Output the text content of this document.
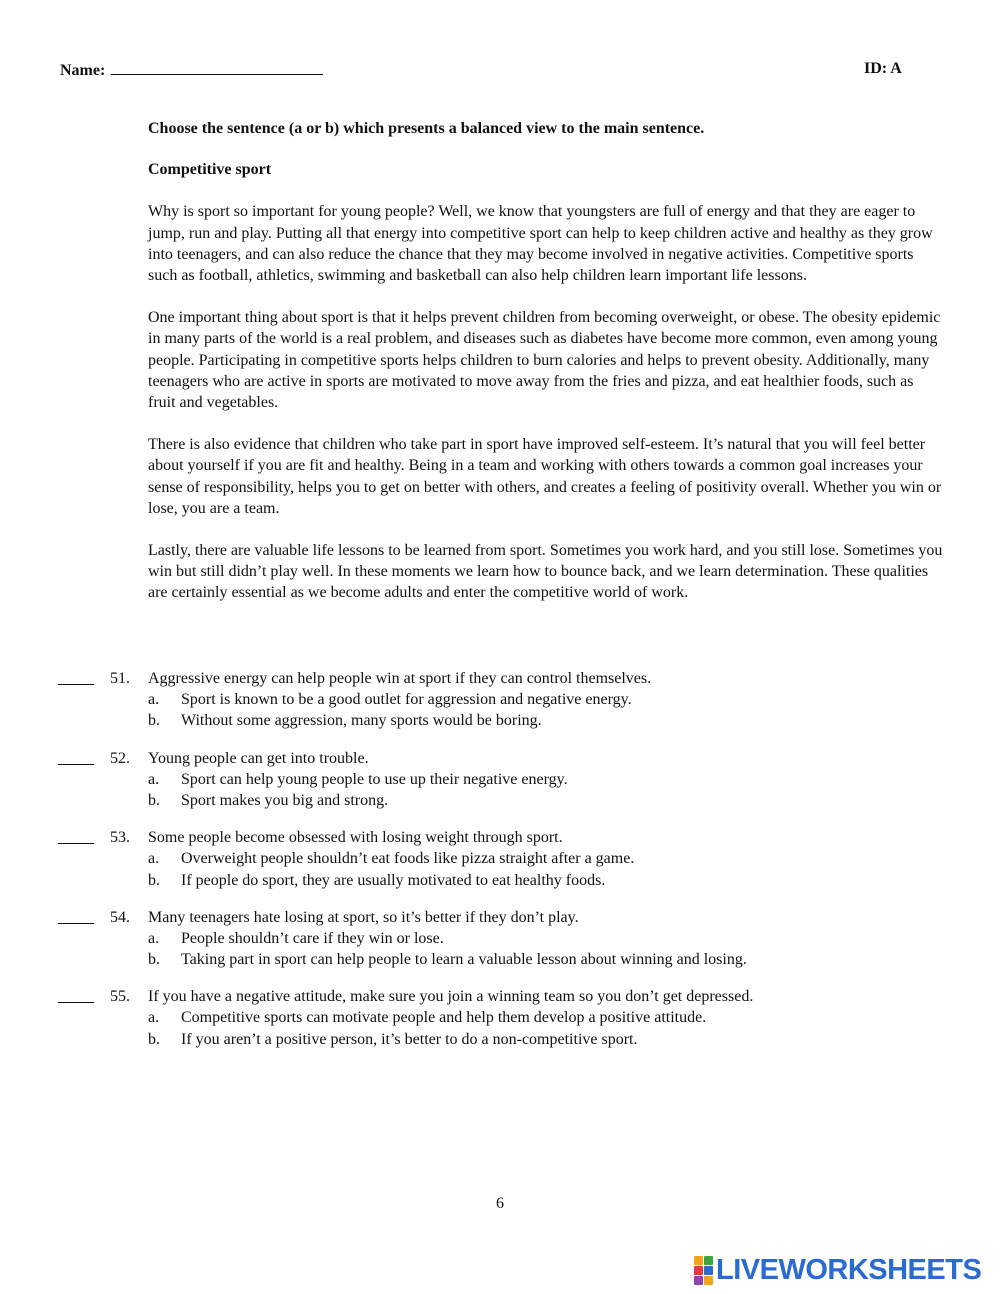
Name:	ID: A

Choose the sentence (a or b) which presents a balanced view to the main sentence.

Competitive sport

Why is sport so important for young people? Well, we know that youngsters are full of energy and that they are eager to jump, run and play. Putting all that energy into competitive sport can help to keep children active and healthy as they grow into teenagers, and can also reduce the chance that they may become involved in negative activities. Competitive sports such as football, athletics, swimming and basketball can also help children learn important life lessons.

One important thing about sport is that it helps prevent children from becoming overweight, or obese. The obesity epidemic in many parts of the world is a real problem, and diseases such as diabetes have become more common, even among young people. Participating in competitive sports helps children to burn calories and helps to prevent obesity. Additionally, many teenagers who are active in sports are motivated to move away from the fries and pizza, and eat healthier foods, such as fruit and vegetables.

There is also evidence that children who take part in sport have improved self-esteem. It’s natural that you will feel better about yourself if you are fit and healthy. Being in a team and working with others towards a common goal increases your sense of responsibility, helps you to get on better with others, and creates a feeling of positivity overall. Whether you win or lose, you are a team.

Lastly, there are valuable life lessons to be learned from sport. Sometimes you work hard, and you still lose. Sometimes you win but still didn’t play well. In these moments we learn how to bounce back, and we learn determination. These qualities are certainly essential as we become adults and enter the competitive world of work.

51. Aggressive energy can help people win at sport if they can control themselves.
a. Sport is known to be a good outlet for aggression and negative energy.
b. Without some aggression, many sports would be boring.
52. Young people can get into trouble.
a. Sport can help young people to use up their negative energy.
b. Sport makes you big and strong.
53. Some people become obsessed with losing weight through sport.
a. Overweight people shouldn’t eat foods like pizza straight after a game.
b. If people do sport, they are usually motivated to eat healthy foods.
54. Many teenagers hate losing at sport, so it’s better if they don’t play.
a. People shouldn’t care if they win or lose.
b. Taking part in sport can help people to learn a valuable lesson about winning and losing.
55. If you have a negative attitude, make sure you join a winning team so you don’t get depressed.
a. Competitive sports can motivate people and help them develop a positive attitude.
b. If you aren’t a positive person, it’s better to do a non-competitive sport.
6
LIVEWORKSHEETS
